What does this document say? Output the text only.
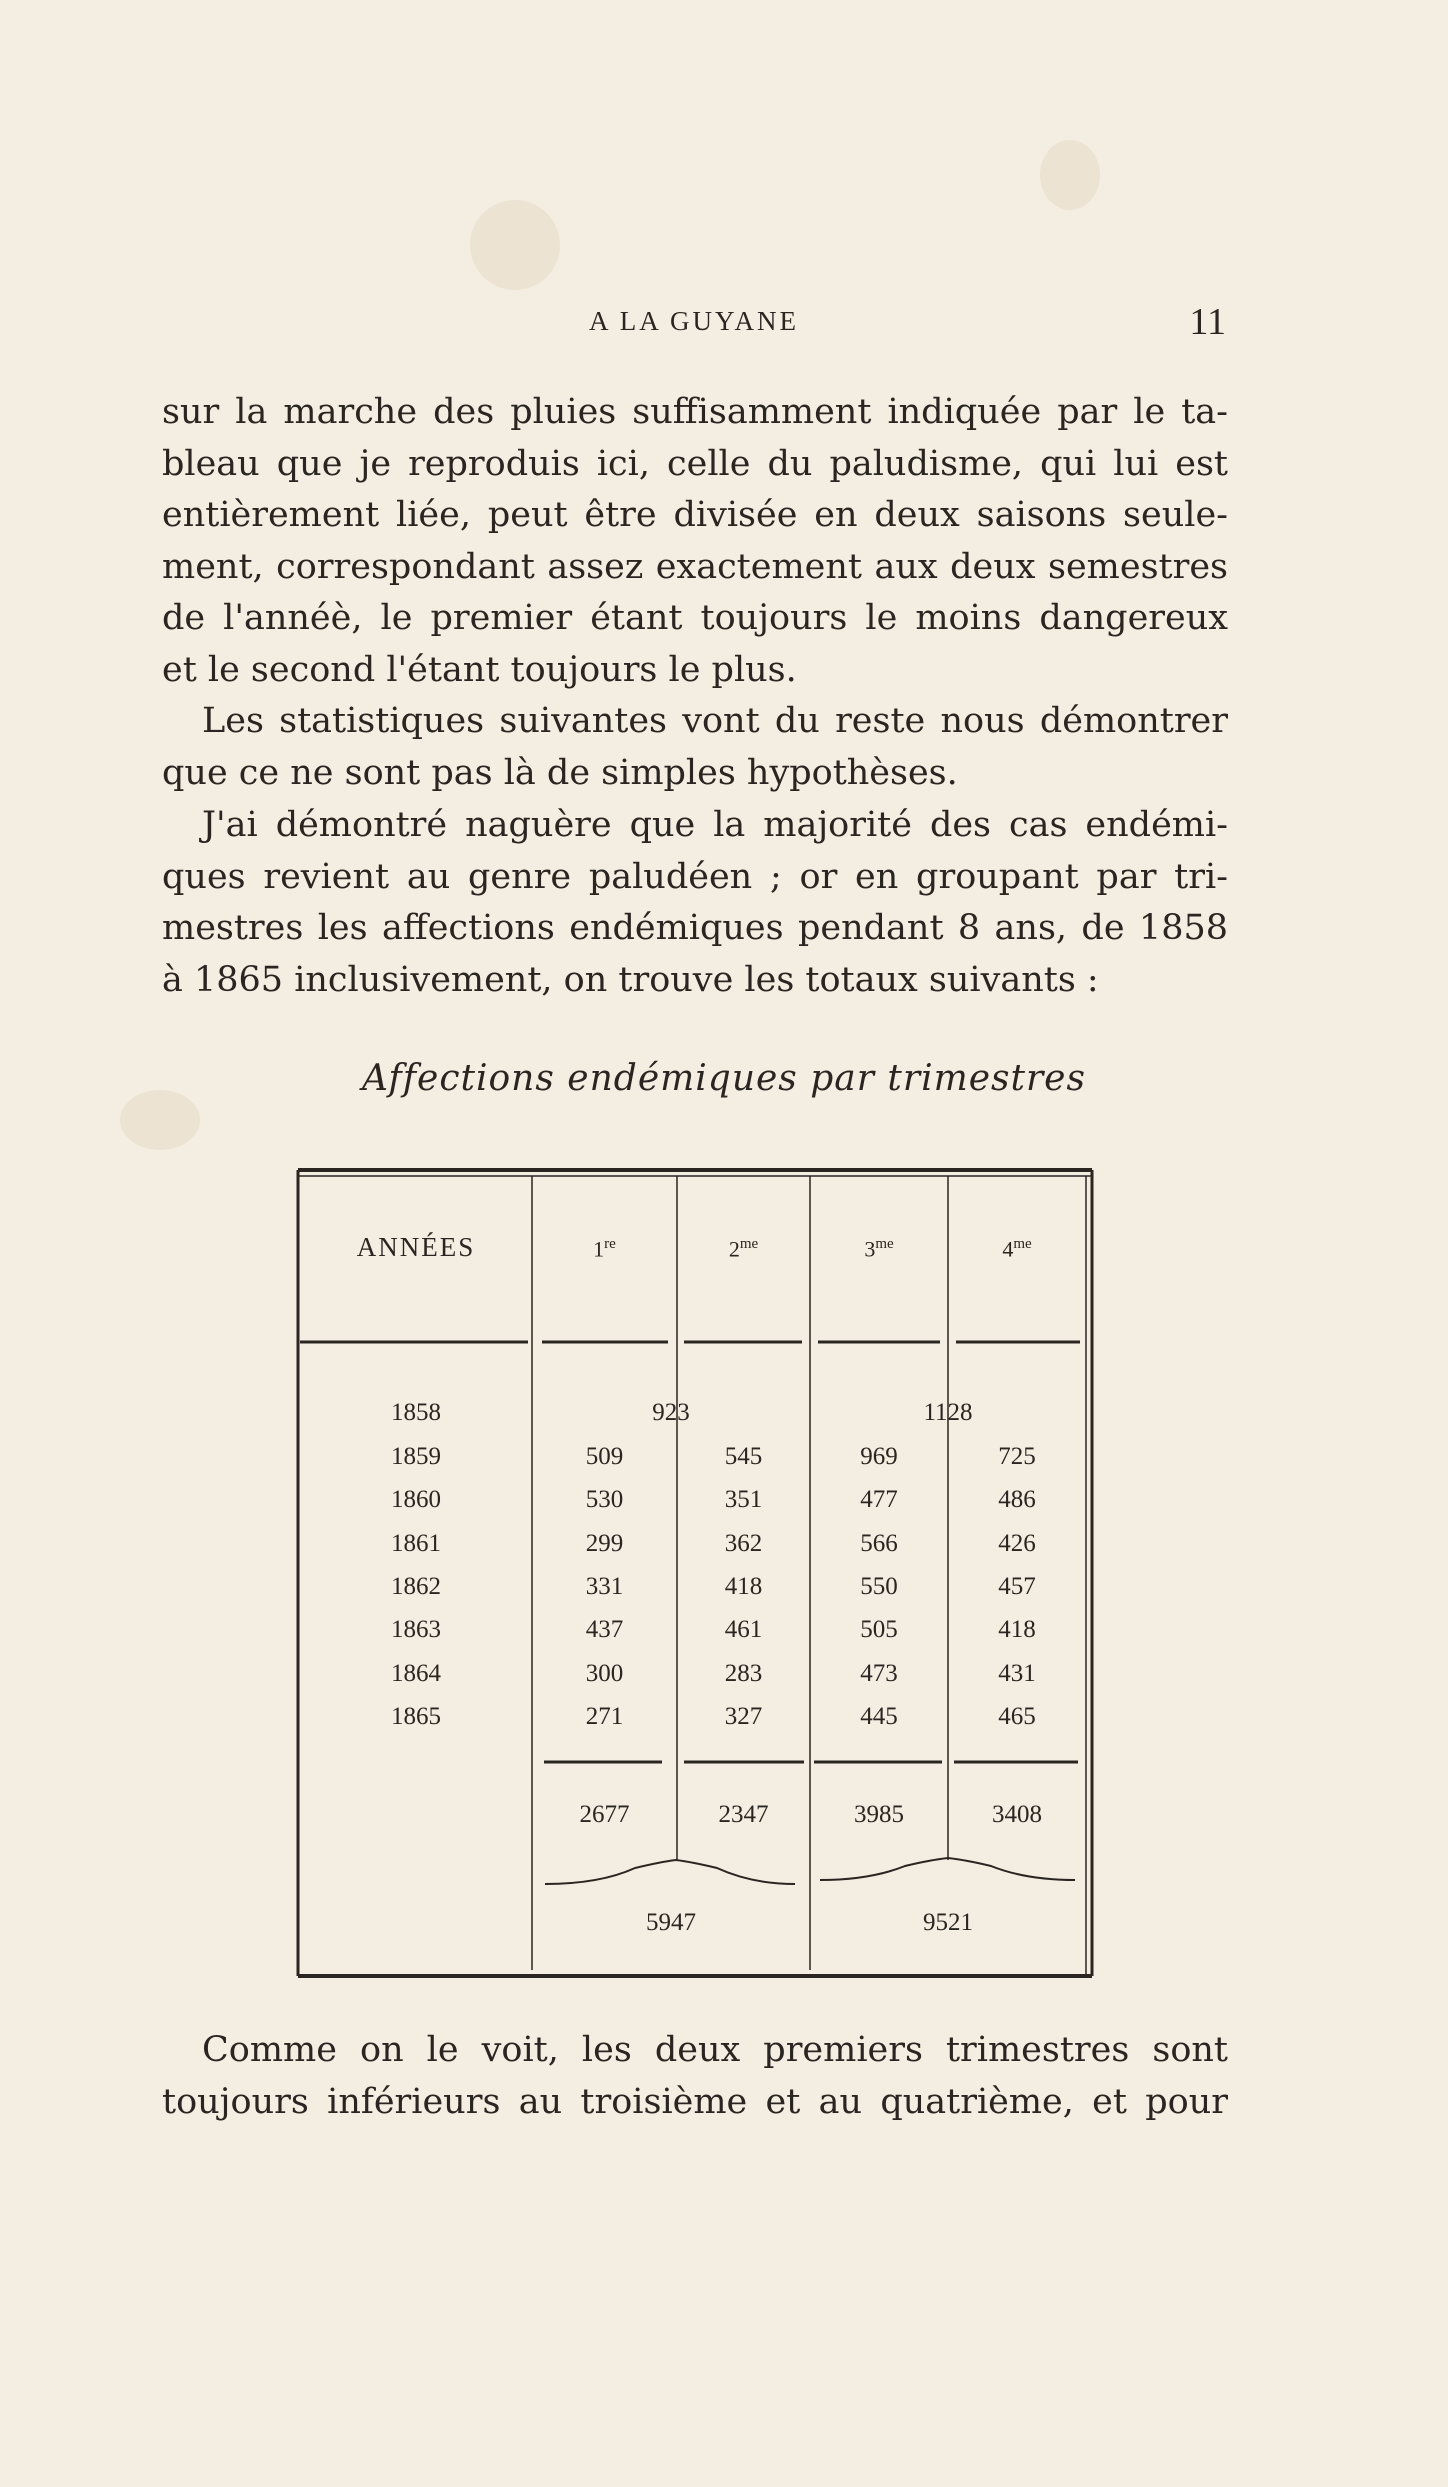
A LA GUYANE	11
sur la marche des pluies suffisamment indiquée par le ta-
bleau que je reproduis ici, celle du paludisme, qui lui est
entièrement liée, peut être divisée en deux saisons seule-
ment, correspondant assez exactement aux deux semestres
de l'annéè, le premier étant toujours le moins dangereux
et le second l'étant toujours le plus.
Les statistiques suivantes vont du reste nous démontrer
que ce ne sont pas là de simples hypothèses.
J'ai démontré naguère que la majorité des cas endémi-
ques revient au genre paludéen ; or en groupant par tri-
mestres les affections endémiques pendant 8 ans, de 1858
à 1865 inclusivement, on trouve les totaux suivants :
Affections endémiques par trimestres
ANNÉES	1re	$2^{me}$	$3^{me}$	$4^{me}$
1858	923	1128
1859	509	545	969	725
1860	530	351	477	486
1861	299	362	566	426
1862	331	418	550	457
1863	437	461	505	418
1864	300	283	473	431
1865	271	327	445	465
2677	2347	3985	3408
5947	9521
Comme on le voit, les deux premiers trimestres sont
toujours inférieurs au troisième et au quatrième, et pour
